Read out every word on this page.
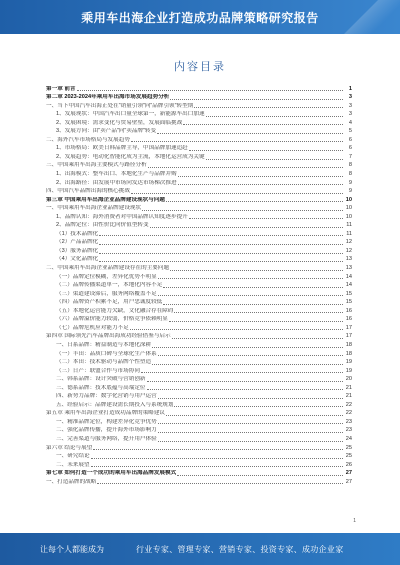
乘用车出海企业打造成功品牌策略研究报告
内容目录
第一章 前言	1
第二章 2023-2024年乘用车出海市场发展趋势分析	3
一、当下中国汽车出海正处在“销量引领”向“品牌引领”转型期	3
1、发展现状：中国汽车出口量全球第一，新能源车出口加速	3
2、发展困境：需求变化与贸易壁垒，发展面临挑战	4
3、发展方向：由“卖产品”向“卖品牌”转变	5
二、海外汽车市场格局与发展趋势	6
1、市场格局：欧美日韩品牌主导，中国品牌加速追赶	6
2、发展趋势：电动化智能化成为主流，本地化运营成为关键	7
三、中国乘用车出海主要模式与路径分析	8
1、出海模式：整车出口、本地化生产与品牌并购	8
2、出海路径：由发展中市场向发达市场梯次推进	9
四、中国汽车品牌出海的核心挑战	9
第三章 中国乘用车出海企业品牌建设现状与问题	10
一、中国乘用车出海企业品牌建设现状	10
1、品牌认知：海外消费者对中国品牌认知度逐步提升	10
2、品牌定位：由性价比向价值型转变	11
（1）技术品牌化	11
（2）产品品牌化	12
（3）服务品牌化	12
（4）文化品牌化	13
二、中国乘用车出海企业品牌建设存在的主要问题	13
（一）品牌定位模糊，差异化优势不明显	14
（二）品牌传播渠道单一，本地化内容不足	14
（三）渠道建设滞后，服务网络覆盖不足	15
（四）品牌资产积累不足，用户忠诚度较低	15
（五）本地化运营能力欠缺，文化融合存在障碍	16
（六）品牌溢价能力较弱，价格竞争依赖明显	16
（七）品牌危机应对能力不足	17
第四章 国际领先汽车品牌出海成功经验借鉴与启示	17
一、日系品牌：精益制造与本地化深耕	18
（一）丰田：品质口碑与全球化生产体系	18
（二）本田：技术驱动与品牌个性塑造	19
（三）日产：联盟合作与市场协同	19
二、韩系品牌：设计突破与营销创新	20
三、德系品牌：技术底蕴与高端定位	21
四、新势力品牌：数字化营销与用户运营	21
五、经验启示：品牌建设需长期投入与系统规划	22
第五章 乘用车出海企业打造成功品牌的策略建议	22
一、精准品牌定位，构建差异化竞争优势	23
二、强化品牌传播，提升海外市场影响力	23
三、完善渠道与服务网络，提升用户体验	24
第六章 结论与展望	25
一、研究结论	25
二、未来展望	26
第七章 如何打造一个成功的乘用车出海品牌发展模式	27
一、打造品牌的战略	27
1
让每个人都能成为	行业专家、管理专家、营销专家、投资专家、成功企业家
